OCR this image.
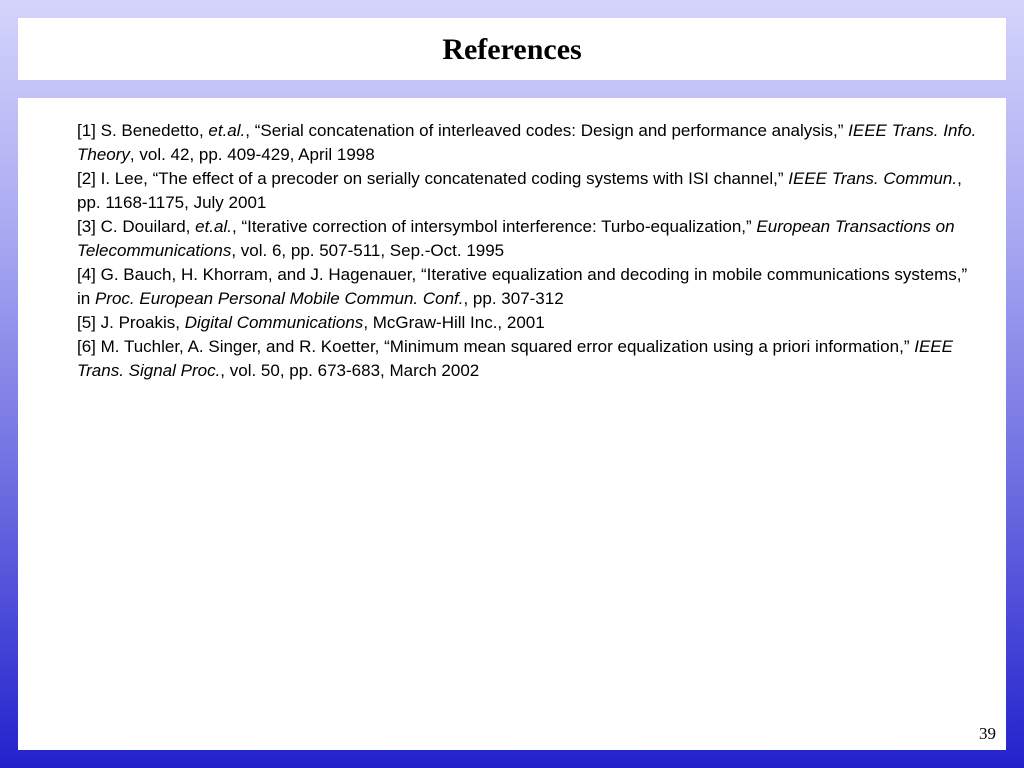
References
[1] S. Benedetto, et.al., “Serial concatenation of interleaved codes: Design and performance analysis,” IEEE Trans. Info. Theory, vol. 42, pp. 409-429, April 1998
[2] I. Lee, “The effect of a precoder on serially concatenated coding systems with ISI channel,” IEEE Trans. Commun., pp. 1168-1175, July 2001
[3] C. Douilard, et.al., “Iterative correction of intersymbol interference: Turbo-equalization,” European Transactions on Telecommunications, vol. 6, pp. 507-511, Sep.-Oct. 1995
[4] G. Bauch, H. Khorram, and J. Hagenauer, “Iterative equalization and decoding in mobile communications systems,” in Proc. European Personal Mobile Commun. Conf., pp. 307-312
[5] J. Proakis, Digital Communications, McGraw-Hill Inc., 2001
[6] M. Tuchler, A. Singer, and R. Koetter, “Minimum mean squared error equalization using a priori information,” IEEE Trans. Signal Proc., vol. 50, pp. 673-683, March 2002
39
